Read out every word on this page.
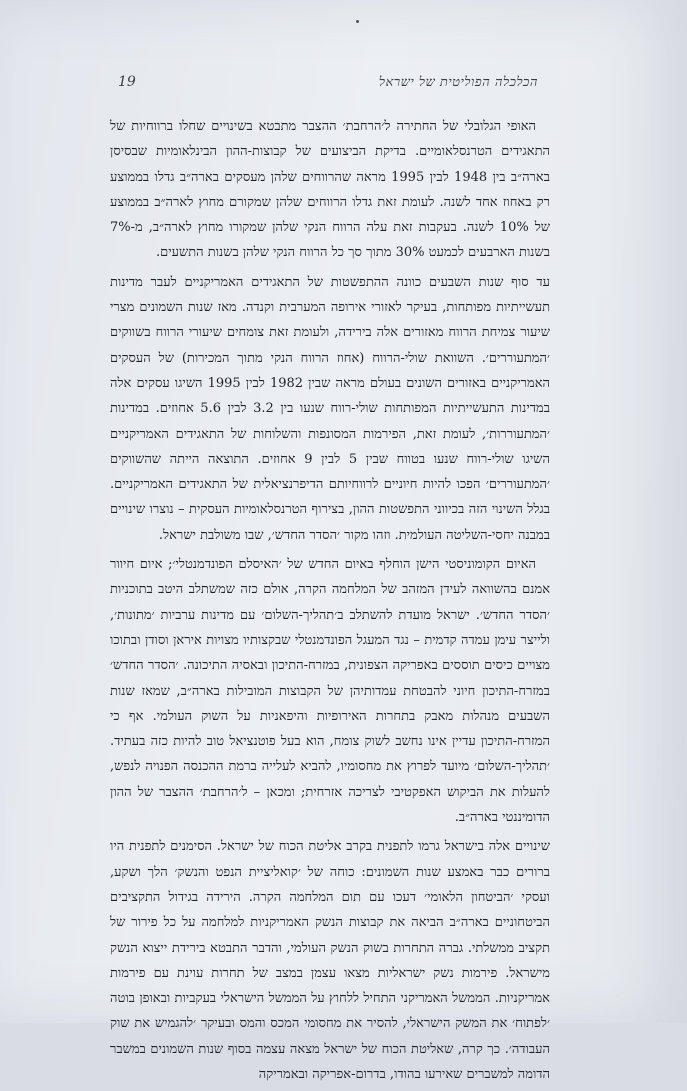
הכלכלה הפוליטית של ישראל
19

האופי הגלובלי של החתירה ל׳הרחבת׳ ההצבר מתבטא בשינויים שחלו ברווחיות של התאגידים הטרנסלאומיים. בדיקת הביצועים של קבוצות-ההון הבינלאומיות שבסיסן בארה״ב בין 1948 לבין 1995 מראה שהרווחים שלהן מעסקים בארה״ב גדלו בממוצע רק באחוז אחד לשנה. לעומת זאת גדלו הרווחים שלהן שמקורם מחוץ לארה״ב בממוצע של 10% לשנה. בעקבות זאת עלה הרווח הנקי שלהן שמקורו מחוץ לארה״ב, מ-7% בשנות הארבעים לכמעט 30% מתוך סך כל הרווח הנקי שלהן בשנות התשעים.

עד סוף שנות השבעים כוונה ההתפשטות של התאגידים האמריקניים לעבר מדינות תעשייתיות מפותחות, בעיקר לאזורי אירופה המערבית וקנדה. מאז שנות השמונים מצרי שיעור צמיחת הרווח מאזורים אלה בירידה, ולעומת זאת צומחים שיעורי הרווח בשווקים ׳המתעוררים׳. השוואת שולי-הרווח (אחוז הרווח הנקי מתוך המכירות) של העסקים האמריקניים באזורים השונים בעולם מראה שבין 1982 לבין 1995 השיגו עסקים אלה במדינות התעשייתיות המפותחות שולי-רווח שנעו בין 3.2 לבין 5.6 אחוזים. במדינות ׳המתעוררות׳, לעומת זאת, הפירמות המסונפות והשלוחות של התאגידים האמריקניים השיגו שולי-רווח שנעו בטווח שבין 5 לבין 9 אחוזים. התוצאה הייתה שהשווקים ׳המתעוררים׳ הפכו להיות חיוניים לרווחיותם הדיפרנציאלית של התאגידים האמריקניים. בגלל השינוי הזה בכיווני התפשטות ההון, בצירוף הטרנסלאומיות העסקית – נוצרו שינויים במבנה יחסי-השליטה העולמית. וזהו מקור ׳הסדר החדש׳, שבו משולבת ישראל.

האיום הקומוניסטי הישן הוחלף באיום החדש של ׳האיסלם הפונדמנטלי׳; איום חיוור אמנם בהשוואה לעידן המזהב של המלחמה הקרה, אולם כזה שמשתלב היטב בתוכניות ׳הסדר החדש׳. ישראל מועדת להשתלב ב׳תהליך-השלום׳ עם מדינות ערביות ׳מתונות׳, ולייצר עימן עמדה קדמית – נגד המעגל הפונדמנטלי שבקצותיו מצויות איראן וסודן ובתוכו מצויים כיסים תוססים באפריקה הצפונית, במזרח-התיכון ובאסיה התיכונה. ׳הסדר החדש׳ במזרח-התיכון חיוני להבטחת עמדותיהן של הקבוצות המובילות בארה״ב, שמאז שנות השבעים מנהלות מאבק בתחרות האירופיות והיפאניות על השוק העולמי. אף כי המזרח-התיכון עדיין אינו נחשב לשוק צומח, הוא בעל פוטנציאל טוב להיות כזה בעתיד. ׳תהליך-השלום׳ מיועד לפרוץ את מחסומיו, להביא לעלייה ברמת ההכנסה הפנויה לנפש, להעלות את הביקוש האפקטיבי לצריכה אזרחית; ומכאן – ל׳הרחבת׳ ההצבר של ההון הדומיננטי בארה״ב.

שינויים אלה בישראל גרמו לתפנית בקרב אליטת הכוח של ישראל. הסימנים לתפנית היו ברורים כבר באמצע שנות השמונים: כוחה של ׳קואליציית הנפט והנשק׳ הלך ושקע, ועסקי ׳הביטחון הלאומי׳ דעכו עם תום המלחמה הקרה. הירידה בגידול התקציבים הביטחוניים בארה״ב הביאה את קבוצות הנשק האמריקניות למלחמה על כל פירור של תקציב ממשלתי. גברה התחרות בשוק הנשק העולמי, והדבר התבטא בירידת ייצוא הנשק מישראל. פירמות נשק ישראליות מצאו עצמן במצב של תחרות עוינת עם פירמות אמריקניות. הממשל האמריקני התחיל ללחוץ על הממשל הישראלי בעקביות ובאופן בוטה ׳לפתוח׳ את המשק הישראלי, להסיר את מחסומי המכס והמס ובעיקר ׳להגמיש את שוק העבודה׳. כך קרה, שאליטת הכוח של ישראל מצאה עצמה בסוף שנות השמונים במשבר הדומה למשברים שאירעו בהודו, בדרום-אפריקה ובאמריקה
